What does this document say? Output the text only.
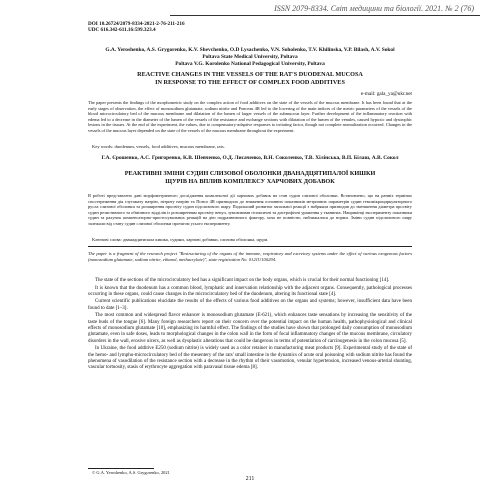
ISSN 2079-8334. Світ медицини та біології. 2021. № 2 (76)
DOI 10.26724/2079-8334-2021-2-76-211-216
UDC 616.342-611.16:599.323.4
G.A. Yeroshenko, A.S. Grygorenko, K.V. Shevchenko, O.D Lysachenko, V.N. Soholenko, T.V. Khilinska, V.P. Bilash, A.V. Sokol
Poltava State Medical University, Poltava
Poltava V.G. Korolenko National Pedagogical University, Poltava
REACTIVE CHANGES IN THE VESSELS OF THE RAT'S DUODENAL MUCOSA
IN RESPONSE TO THE EFFECT OF COMPLEX FOOD ADDITIVES
e-mail: gala_ya@ukr.net
The paper presents the findings of the morphometric study on the complex action of food additives on the state of the vessels of the mucous membrane. It has been found that at the early stages of observation, the effect of monosodium glutamate, sodium nitrite and Ponceau 4R led to the lowering of the main indices of the metric parameters of the vessels of the blood microcirculatory bed of the mucous membrane and dilatation of the lumen of larger vessels of the submucous layer. Further development of the inflammatory reaction with edema led to a decrease in the diameter of the lumen of the vessels of the resistance and exchange sections with dilatation of the lumen of the venules, caused hypoxic and dystrophic lesions in the tissues. At the end of the experiment, the values, due to compensatory-adaptive responses to irritating factor, though not complete normalization occurred. Changes in the vessels of the mucous layer depended on the state of the vessels of the mucous membrane throughout the experiment.
Key words: duodenum, vessels, food additives, mucous membrane, rats.
Г.А. Єрошенко, А.С. Григоренко, К.В. Шевченко, О.Д. Лисаченко, В.Н. Соколенко, Т.В. Хілінська, В.П. Білаш, А.В. Сокол
РЕАКТИВНІ ЗМІНИ СУДИН СЛИЗОВОЇ ОБОЛОНКИ ДВАНАДЦЯТИПАЛОЇ КИШКИ
ЩУРІВ НА ВПЛИВ КОМПЛЕКСУ ХАРЧОВИХ ДОБАВОК
В роботі представлено дані морфометричного дослідження комплексної дії харчових добавок на стан судин слизової оболонки. Встановлено, що на ранніх термінах спостереження дія глутамату натрію, нітриту натрію та Понсо 4R призводила до зниження основних показників метричних параметрів судин гемомікроциркуляторного русла слизової оболонки та розширення просвіту судин підслизового шару. Подальший розвиток запальної реакції з набряком призводив до зменшення діаметра просвіту судин резистивного та обмінного відділів із розширенням просвіту венул, зумовлював гіпоксичні та дистрофічні ураження у тканинах. Наприкінці експерименту показники судин за рахунок компенсаторно-пристосувальних реакцій на дію подразнюючого фактору, хоча не повністю, наближалися до норми. Зміни судин підслизового шару залежали від стану судин слизової оболонки протягом усього експерименту.
Ключові слова: дванадцятипала кишка, судини, харчові добавки, слизова оболонка, щури.
The paper is a fragment of the research project "Restructuring of the organs of the immune, respiratory and excretory systems under the effect of various exogenous factors (monosodium glutamate, sodium nitrite, ethanol, methacrylate)", state registration No. 0121U100294.

The state of the sections of the microcirculatory bed has a significant impact on the body organs, which is crucial for their normal functioning [14].

It is known that the duodenum has a common blood, lymphatic and innervation relationship with the adjacent organs. Consequently, pathological processes occurring in these organs, could cause changes in the microcirculatory bed of the duodenum, altering its functional state [4].

Current scientific publications elucidate the results of the effects of various food additives on the organs and systems; however, insufficient data have been found to date [1–3].

The most common and widespread flavor enhancer is monosodium glutamate (E-621), which enhances taste sensations by increasing the sensitivity of the taste buds of the tongue [6]. Many foreign researchers report on their concern over the potential impact on the human health, pathophysiological and clinical effects of monosodium glutamate [10], emphasizing its harmful effect. The findings of the studies have shown that prolonged daily consumption of monosodium glutamate, even in safe doses, leads to morphological changes in the colon wall in the form of focal inflammatory changes of the mucous membrane, circulatory disorders in the wall, erosive ulcers, as well as dysplastic alterations that could be dangerous in terms of potentiation of carcinogenesis in the colon mucosa [5].

In Ukraine, the food additive E250 (sodium nitrite) is widely used as a color retainer in manufacturing meat products [9]. Experimental study of the state of the hemo- and lympho-microcirculatory bed of the mesentery of the rats' small intestine in the dynamics of acute oral poisoning with sodium nitrite has found the phenomena of vasodilation of the resistance section with a decrease in the rhythm of their vasomotion, venular hypertension, increased venous-arterial shunting, vascular tortuosity, stasis of erythrocyte aggregation with paravasal tissue edema [8].

© G.A. Yeroshenko, A.S. Grygorenko, 2021
211
